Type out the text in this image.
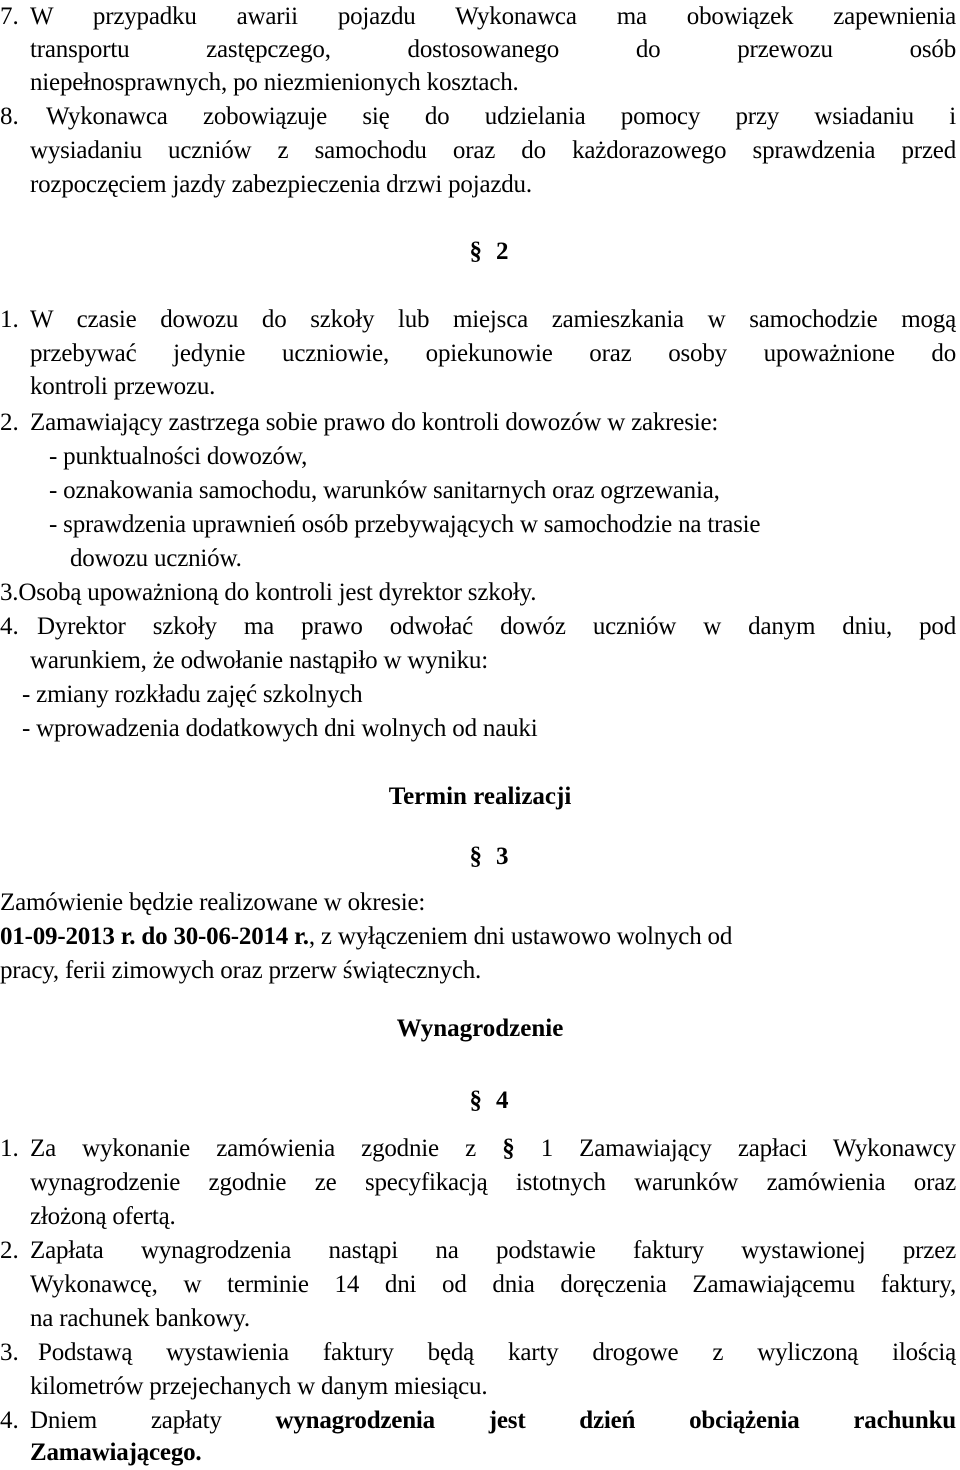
7. W przypadku awarii pojazdu Wykonawca ma obowiązek zapewnienia
transportu zastępczego, dostosowanego do przewozu osób
niepełnosprawnych, po niezmienionych kosztach.
8. Wykonawca zobowiązuje się do udzielania pomocy przy wsiadaniu i
wysiadaniu uczniów z samochodu oraz do każdorazowego sprawdzenia przed
rozpoczęciem jazdy zabezpieczenia drzwi pojazdu.
§ 2
1. W czasie dowozu do szkoły lub miejsca zamieszkania w samochodzie mogą
przebywać jedynie uczniowie, opiekunowie oraz osoby upoważnione do
kontroli przewozu.
2. Zamawiający zastrzega sobie prawo do kontroli dowozów w zakresie:
- punktualności dowozów,
- oznakowania samochodu, warunków sanitarnych oraz ogrzewania,
- sprawdzenia uprawnień osób przebywających w samochodzie na trasie
dowozu uczniów.
3.Osobą upoważnioną do kontroli jest dyrektor szkoły.
4. Dyrektor szkoły ma prawo odwołać dowóz uczniów w danym dniu, pod
warunkiem, że odwołanie nastąpiło w wyniku:
- zmiany rozkładu zajęć szkolnych
- wprowadzenia dodatkowych dni wolnych od nauki
Termin realizacji
§ 3
Zamówienie będzie realizowane w okresie:
01-09-2013 r. do 30-06-2014 r., z wyłączeniem dni ustawowo wolnych od
pracy, ferii zimowych oraz przerw świątecznych.
Wynagrodzenie
§ 4
1. Za wykonanie zamówienia zgodnie z § 1 Zamawiający zapłaci Wykonawcy
wynagrodzenie zgodnie ze specyfikacją istotnych warunków zamówienia oraz
złożoną ofertą.
2. Zapłata wynagrodzenia nastąpi na podstawie faktury wystawionej przez
Wykonawcę, w terminie 14 dni od dnia doręczenia Zamawiającemu faktury,
na rachunek bankowy.
3. Podstawą wystawienia faktury będą karty drogowe z wyliczoną ilością
kilometrów przejechanych w danym miesiącu.
4. Dniem zapłaty wynagrodzenia jest dzień obciążenia rachunku
Zamawiającego.
